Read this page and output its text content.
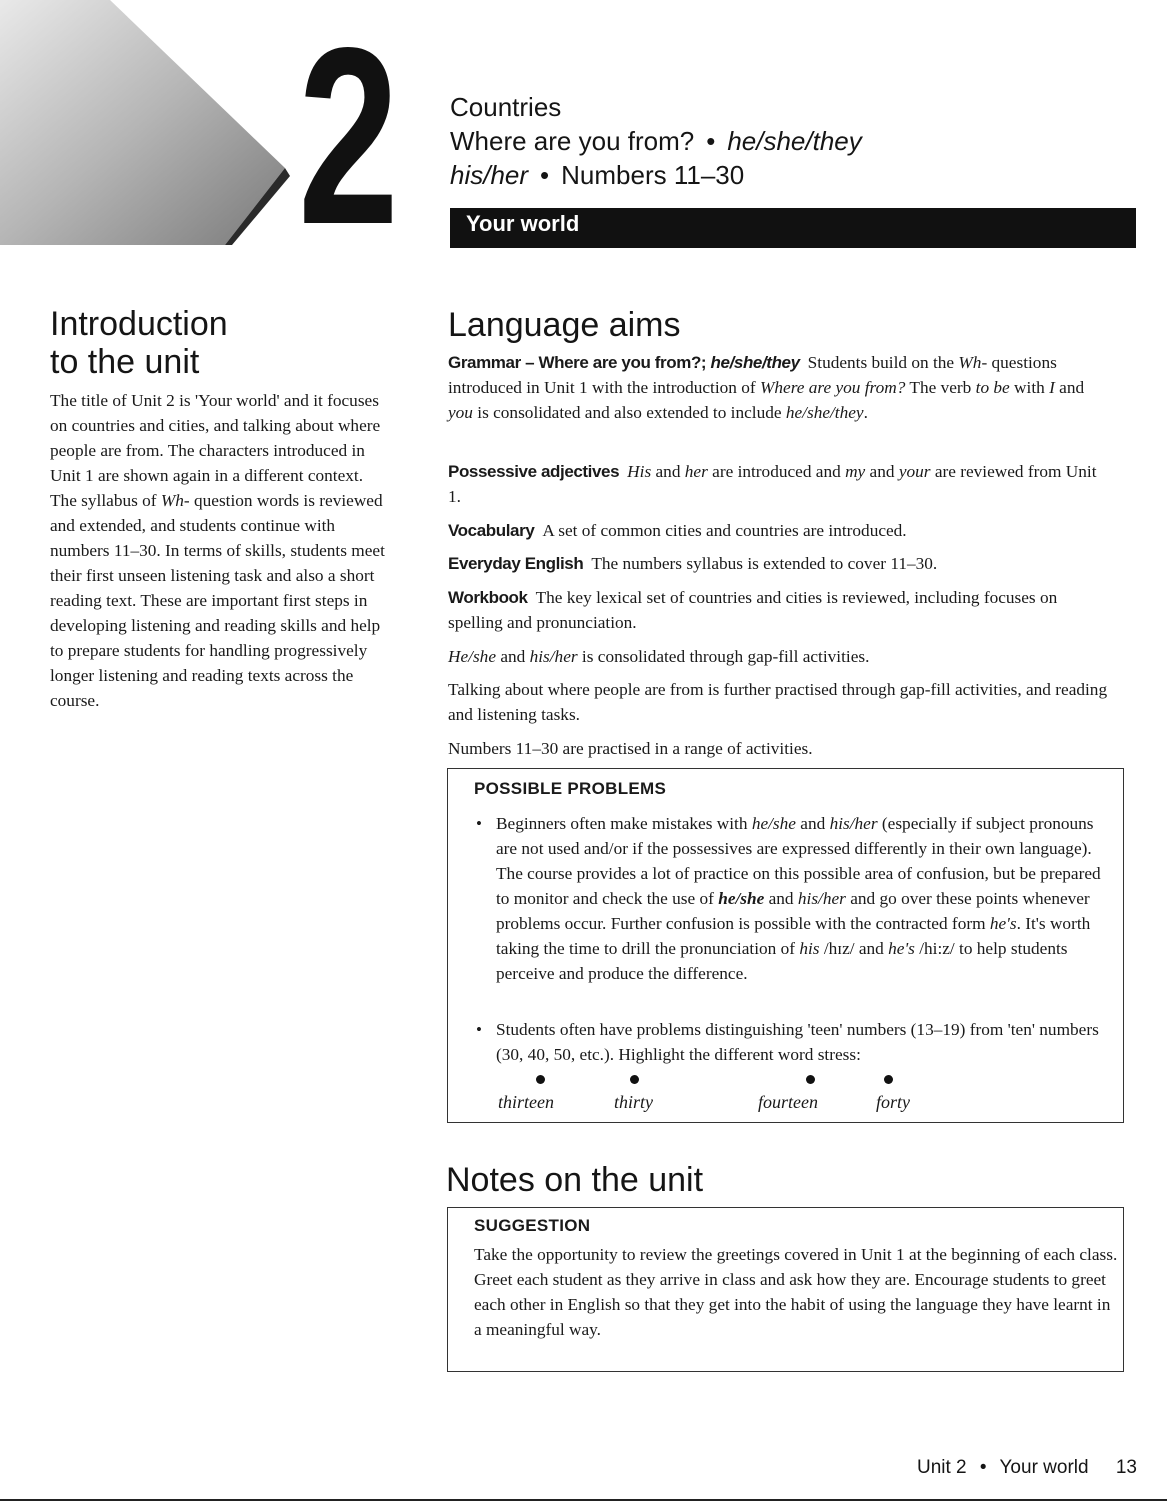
2 Countries
Where are you from? • he/she/they
his/her • Numbers 11–30
Your world
Introduction
to the unit

The title of Unit 2 is 'Your world' and it focuses on countries and cities, and talking about where people are from. The characters introduced in Unit 1 are shown again in a different context. The syllabus of Wh- question words is reviewed and extended, and students continue with numbers 11–30. In terms of skills, students meet their first unseen listening task and also a short reading text. These are important first steps in developing listening and reading skills and help to prepare students for handling progressively longer listening and reading texts across the course.

Language aims

Grammar – Where are you from?; he/she/they Students build on the Wh- questions introduced in Unit 1 with the introduction of Where are you from? The verb to be with I and you is consolidated and also extended to include he/she/they.

Possessive adjectives His and her are introduced and my and your are reviewed from Unit 1.

Vocabulary A set of common cities and countries are introduced.

Everyday English The numbers syllabus is extended to cover 11–30.

Workbook The key lexical set of countries and cities is reviewed, including focuses on spelling and pronunciation.

He/she and his/her is consolidated through gap-fill activities.

Talking about where people are from is further practised through gap-fill activities, and reading and listening tasks.

Numbers 11–30 are practised in a range of activities.

POSSIBLE PROBLEMS
• Beginners often make mistakes with he/she and his/her (especially if subject pronouns are not used and/or if the possessives are expressed differently in their own language). The course provides a lot of practice on this possible area of confusion, but be prepared to monitor and check the use of he/she and his/her and go over these points whenever problems occur. Further confusion is possible with the contracted form he's. It's worth taking the time to drill the pronunciation of his /hɪz/ and he's /hi:z/ to help students perceive and produce the difference.

• Students often have problems distinguishing 'teen' numbers (13–19) from 'ten' numbers (30, 40, 50, etc.). Highlight the different word stress:

thirteen	thirty	fourteen	forty
Notes on the unit
SUGGESTION

Take the opportunity to review the greetings covered in Unit 1 at the beginning of each class. Greet each student as they arrive in class and ask how they are. Encourage students to greet each other in English so that they get into the habit of using the language they have learnt in a meaningful way.

Unit 2 • Your world 13
